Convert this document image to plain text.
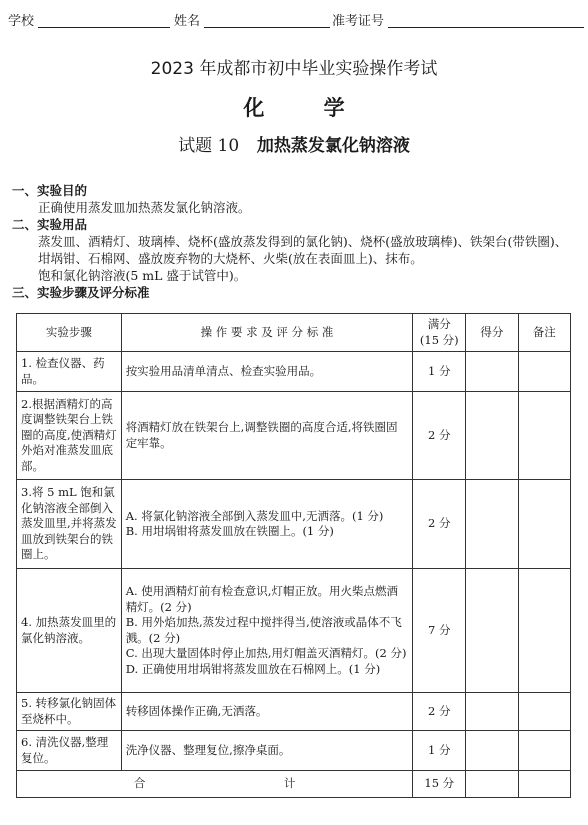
学校	姓名	准考证号
2023 年成都市初中毕业实验操作考试
化 学
试题 10 加热蒸发氯化钠溶液
一、实验目的
正确使用蒸发皿加热蒸发氯化钠溶液。
二、实验用品
蒸发皿、酒精灯、玻璃棒、烧杯(盛放蒸发得到的氯化钠)、烧杯(盛放玻璃棒)、铁架台(带铁圈)、坩埚钳、石棉网、盛放废弃物的大烧杯、火柴(放在表面皿上)、抹布。
饱和氯化钠溶液(5 mL 盛于试管中)。
三、实验步骤及评分标准
实验步骤	操 作 要 求 及 评 分 标 准	满分
(15 分)	得分	备注
1. 检查仪器、药品。	按实验用品清单清点、检查实验用品。	1 分		
2.根据酒精灯的高度调整铁架台上铁圈的高度,使酒精灯外焰对准蒸发皿底部。	将酒精灯放在铁架台上,调整铁圈的高度合适,将铁圈固定牢靠。	2 分		
3.将 5 mL 饱和氯化钠溶液全部倒入蒸发皿里,并将蒸发皿放到铁架台的铁圈上。	A. 将氯化钠溶液全部倒入蒸发皿中,无洒落。(1 分)
B. 用坩埚钳将蒸发皿放在铁圈上。(1 分)	2 分		
4. 加热蒸发皿里的氯化钠溶液。	A. 使用酒精灯前有检查意识,灯帽正放。用火柴点燃酒精灯。(2 分)
B. 用外焰加热,蒸发过程中搅拌得当,使溶液或晶体不飞溅。(2 分)
C. 出现大量固体时停止加热,用灯帽盖灭酒精灯。(2 分)
D. 正确使用坩埚钳将蒸发皿放在石棉网上。(1 分)	7 分		
5. 转移氯化钠固体至烧杯中。	转移固体操作正确,无洒落。	2 分		
6. 清洗仪器,整理复位。	洗净仪器、整理复位,擦净桌面。	1 分		
合 计		15 分		
